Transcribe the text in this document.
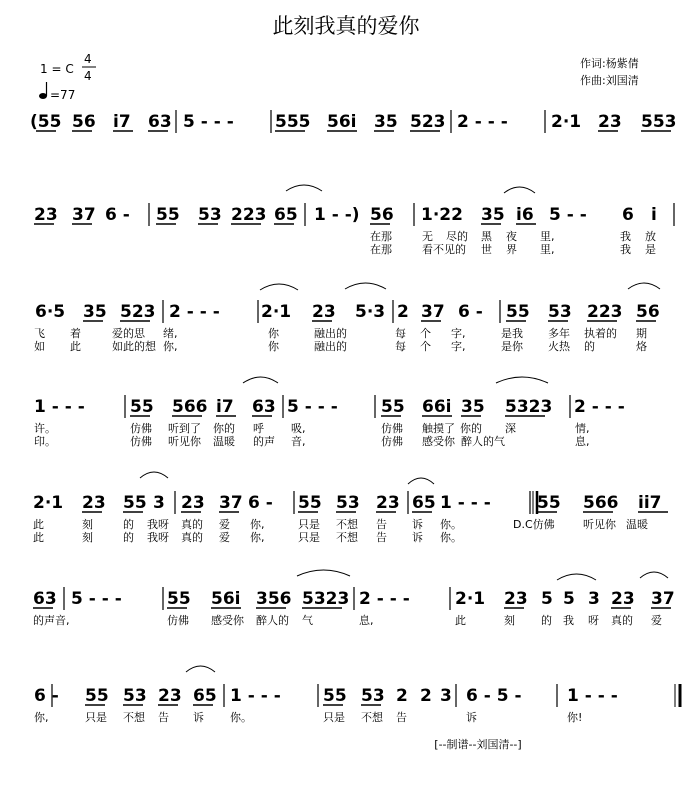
此刻我真的爱你
1 = C
4
4
=77
作词:杨紫倩
作曲:刘国清
(55 56 i7 63 5 - - - 555 56i 35 523 2 - - -	2·1 23 553
23 37 6 - 55 53 223 65 1 - -) 56 1·22 35 i6 5 - - 6 i
在那	无 尽的 黑 夜 里,	我 放
在那	看不见的 世 界 里,	我 是
6·5 35 523 2 - - - 2·1 23 5·3 2 37 6 - 55 53 223 56
飞 着	爱的思 绪,	你	融出的	每 个 字,	是我 多年 执着的 期
如 此	如此的想 你,	你	融出的	每 个 字,	是你 火热 的	烙
1 - - -	55 566 i7 63 5 - - -	55 66i 35 5323 2 - - -
许。	仿佛 听到了 你的 呼 吸,	仿佛 触摸了 你的 深	情,
印。	仿佛 听见你 温暖 的声 音,	仿佛 感受你 醉人的气	息,
2·1 23 55 3 23 37 6 - 55 53 23 65 1 - - -	55 566 ii7
此	刻	的 我呀 真的 爱 你,	只是 不想 告 诉 你。	D.C仿佛	听见你 温暖
此	刻	的 我呀 真的 爱 你,	只是 不想 告 诉 你。
63 5 - - -	55 56i 356 5323 2 - - -	2·1 23 5 5 3 23 37
的声音,	仿佛 感受你 醉人的 气	息,	此	刻 的 我 呀 真的 爱
6 - 55 53 23 65 1 - - - 55 53 2 2 3 6 - 5 -	1 - - -
你,	只是 不想 告 诉 你。	只是 不想 告	诉	你!
[--制谱--刘国清--]
